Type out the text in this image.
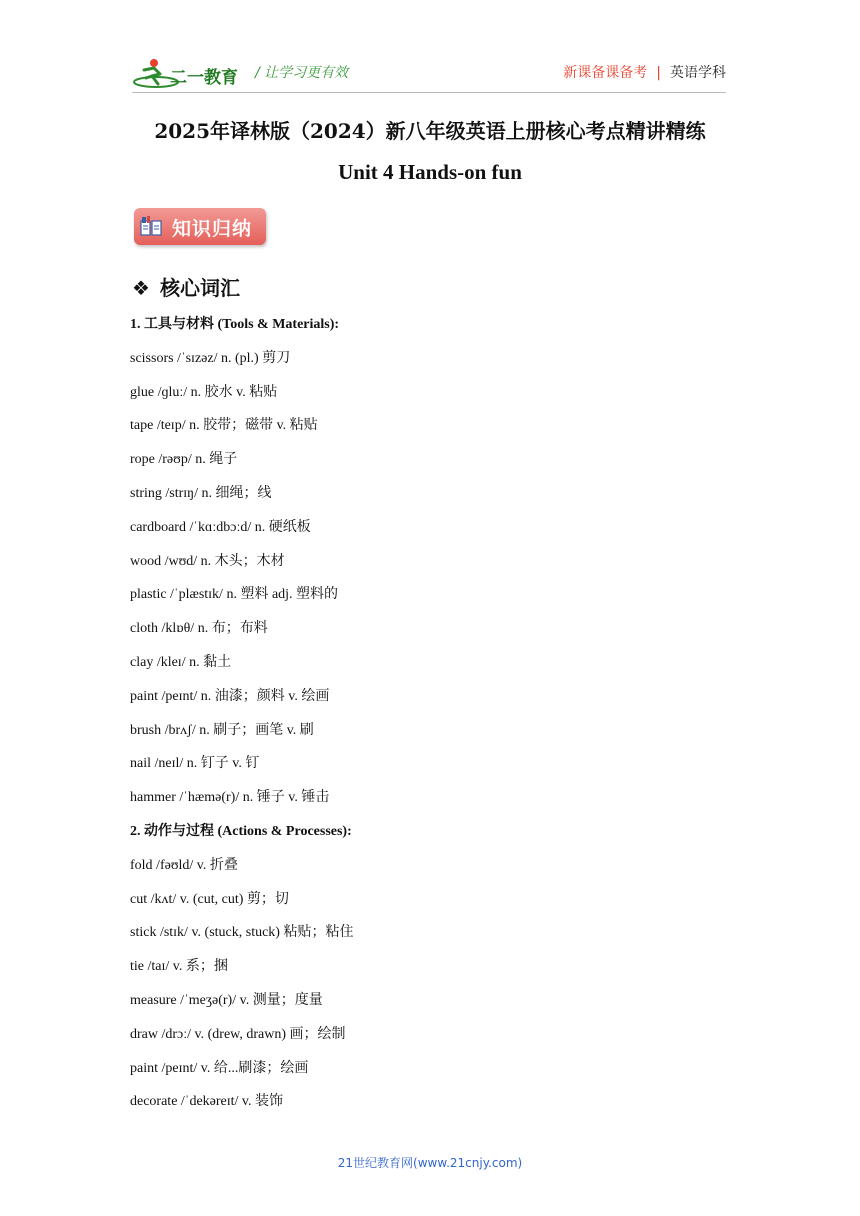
二一教育 / 让学习更有效	新课备课备考 | 英语学科
2025年译林版（2024）新八年级英语上册核心考点精讲精练
Unit 4 Hands-on fun
知识归纳
❖ 核心词汇
1. 工具与材料 (Tools & Materials):
scissors /ˈsɪzəz/ n. (pl.) 剪刀
glue /ɡluː/ n. 胶水 v. 粘贴
tape /teɪp/ n. 胶带；磁带 v. 粘贴
rope /rəʊp/ n. 绳子
string /strɪŋ/ n. 细绳；线
cardboard /ˈkɑːdbɔːd/ n. 硬纸板
wood /wʊd/ n. 木头；木材
plastic /ˈplæstɪk/ n. 塑料 adj. 塑料的
cloth /klɒθ/ n. 布；布料
clay /kleɪ/ n. 黏土
paint /peɪnt/ n. 油漆；颜料 v. 绘画
brush /brʌʃ/ n. 刷子；画笔 v. 刷
nail /neɪl/ n. 钉子 v. 钉
hammer /ˈhæmə(r)/ n. 锤子 v. 锤击
2. 动作与过程 (Actions & Processes):
fold /fəʊld/ v. 折叠
cut /kʌt/ v. (cut, cut) 剪；切
stick /stɪk/ v. (stuck, stuck) 粘贴；粘住
tie /taɪ/ v. 系；捆
measure /ˈmeʒə(r)/ v. 测量；度量
draw /drɔː/ v. (drew, drawn) 画；绘制
paint /peɪnt/ v. 给...刷漆；绘画
decorate /ˈdekəreɪt/ v. 装饰
21世纪教育网(www.21cnjy.com)
